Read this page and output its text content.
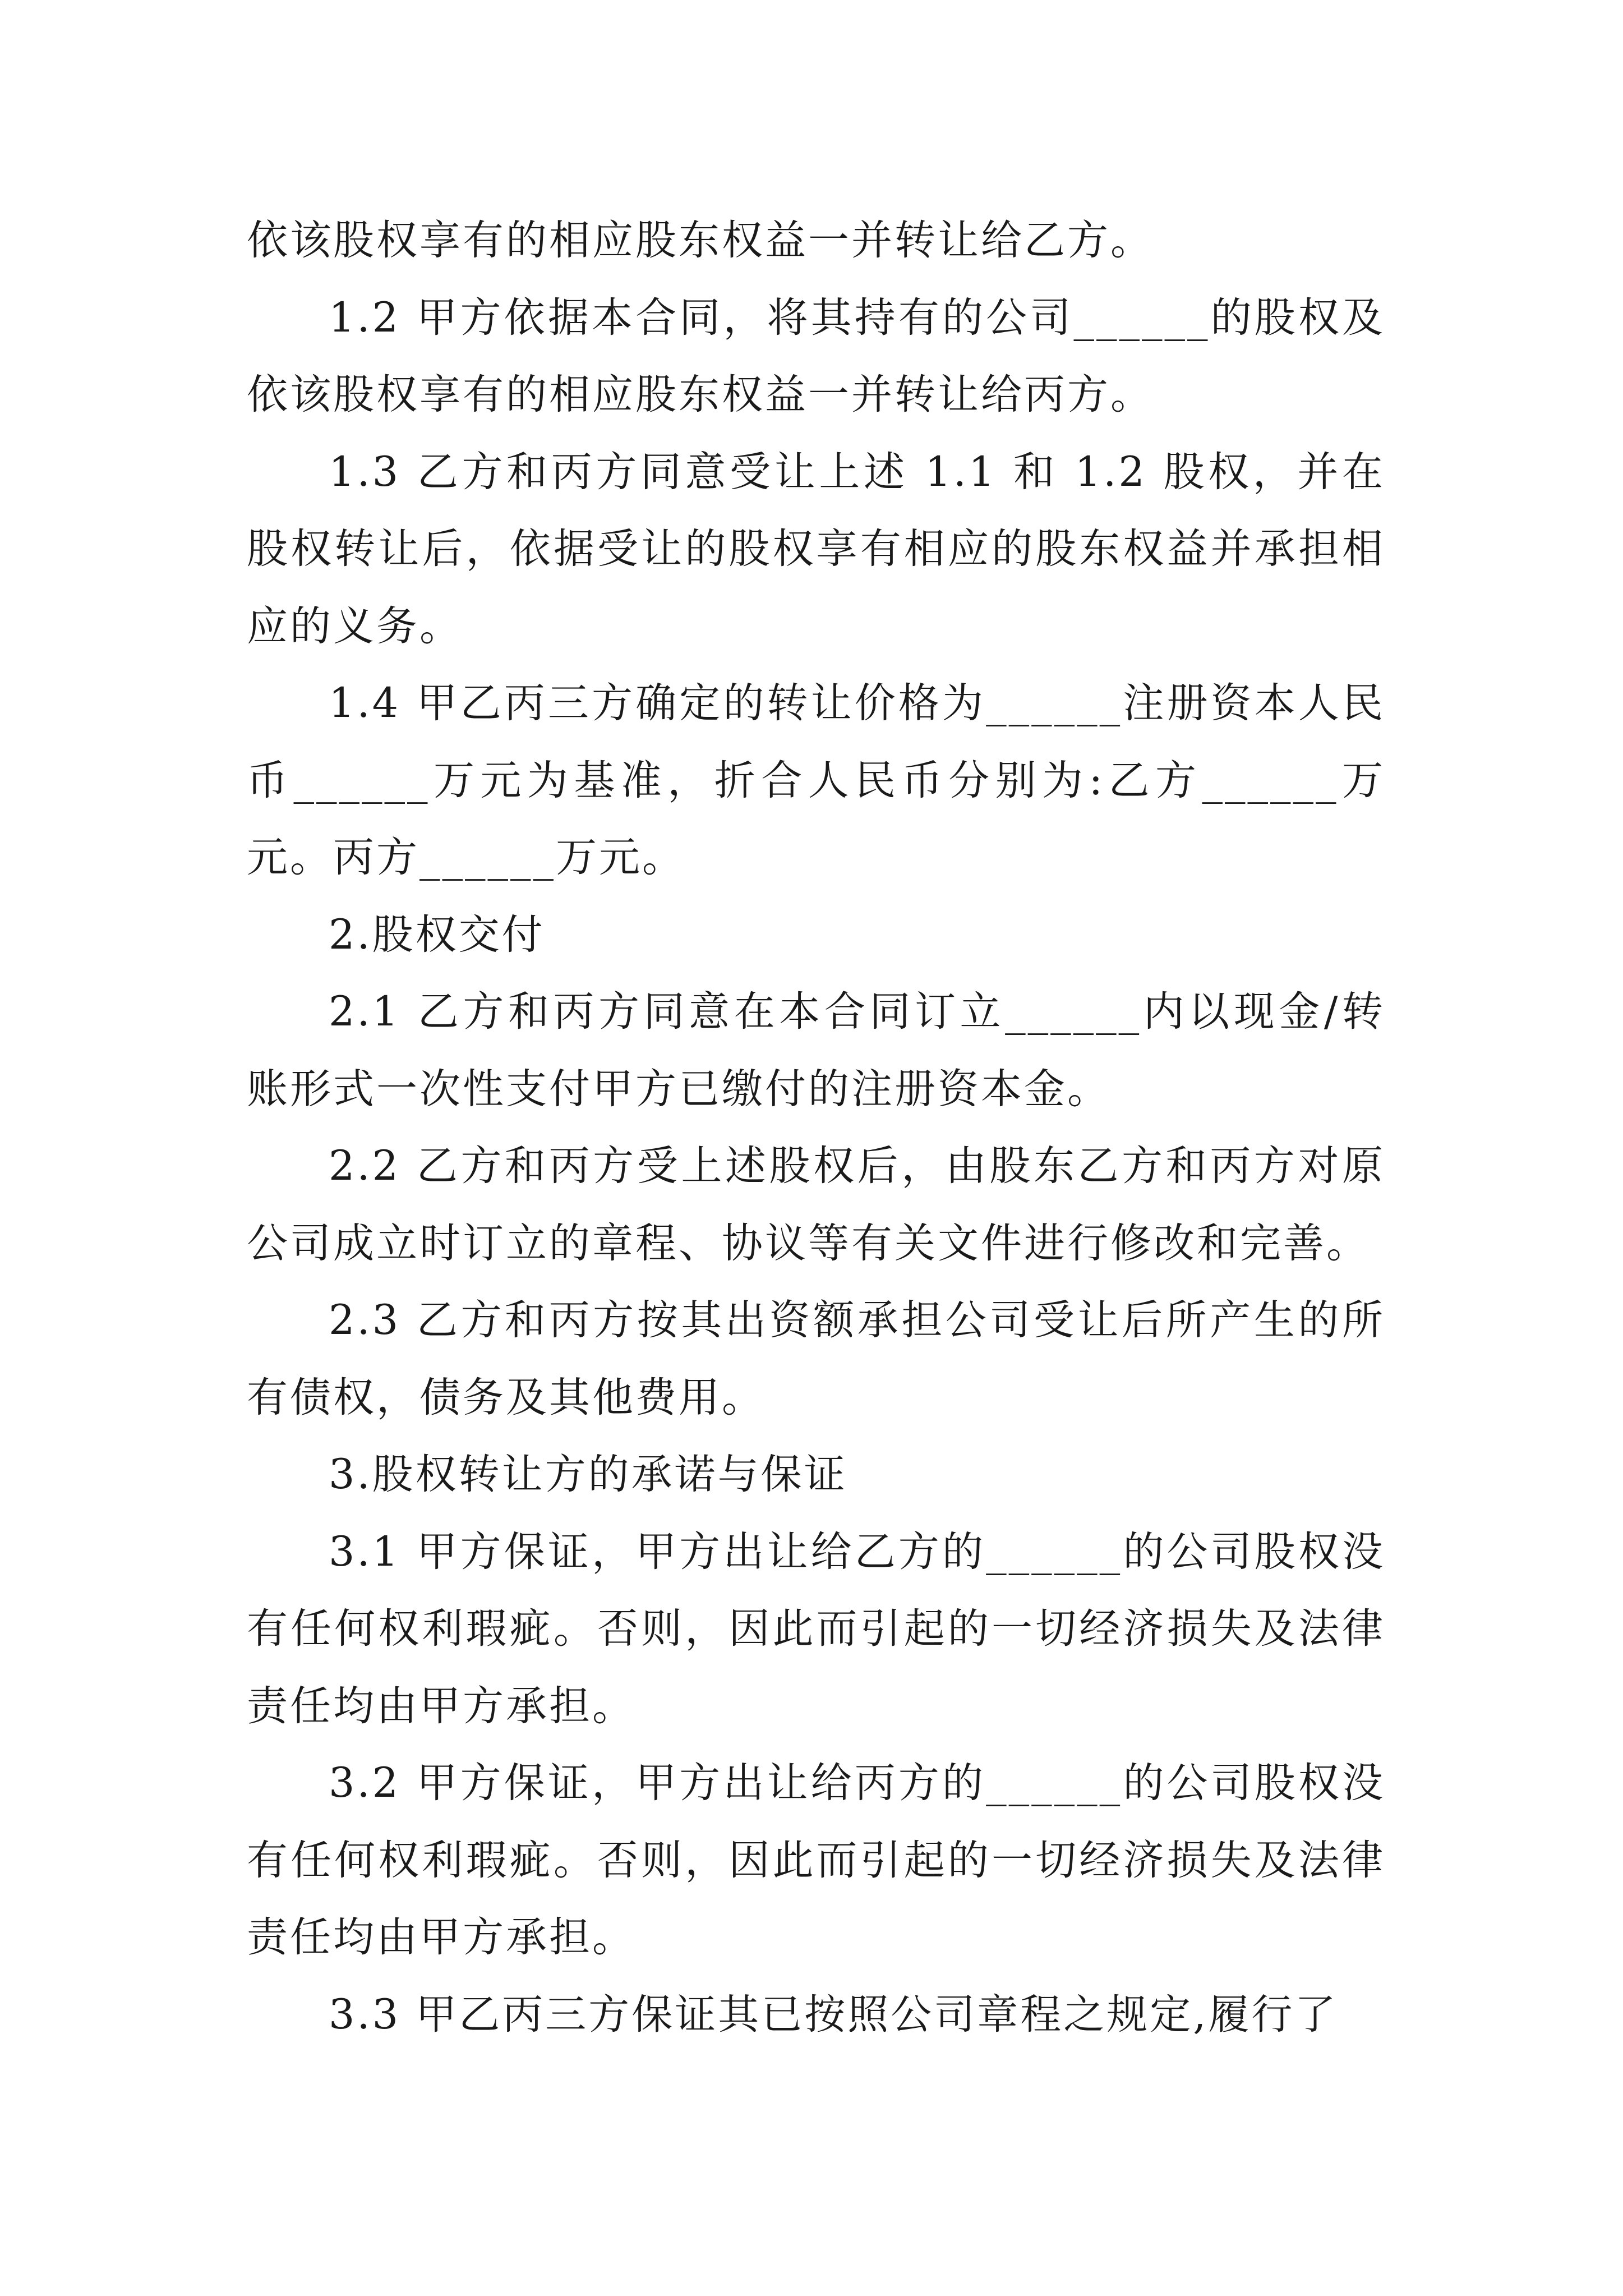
依该股权享有的相应股东权益一并转让给乙方。

1.2 甲方依据本合同，将其持有的公司______的股权及依该股权享有的相应股东权益一并转让给丙方。

1.3 乙方和丙方同意受让上述 1.1 和 1.2 股权，并在股权转让后，依据受让的股权享有相应的股东权益并承担相应的义务。

1.4 甲乙丙三方确定的转让价格为______注册资本人民币______万元为基准，折合人民币分别为:乙方______万元。丙方______万元。

2.股权交付

2.1 乙方和丙方同意在本合同订立______内以现金/转账形式一次性支付甲方已缴付的注册资本金。

2.2 乙方和丙方受上述股权后，由股东乙方和丙方对原公司成立时订立的章程、协议等有关文件进行修改和完善。

2.3 乙方和丙方按其出资额承担公司受让后所产生的所有债权，债务及其他费用。

3.股权转让方的承诺与保证

3.1 甲方保证，甲方出让给乙方的______的公司股权没有任何权利瑕疵。否则，因此而引起的一切经济损失及法律责任均由甲方承担。

3.2 甲方保证，甲方出让给丙方的______的公司股权没有任何权利瑕疵。否则，因此而引起的一切经济损失及法律责任均由甲方承担。

3.3 甲乙丙三方保证其已按照公司章程之规定,履行了
